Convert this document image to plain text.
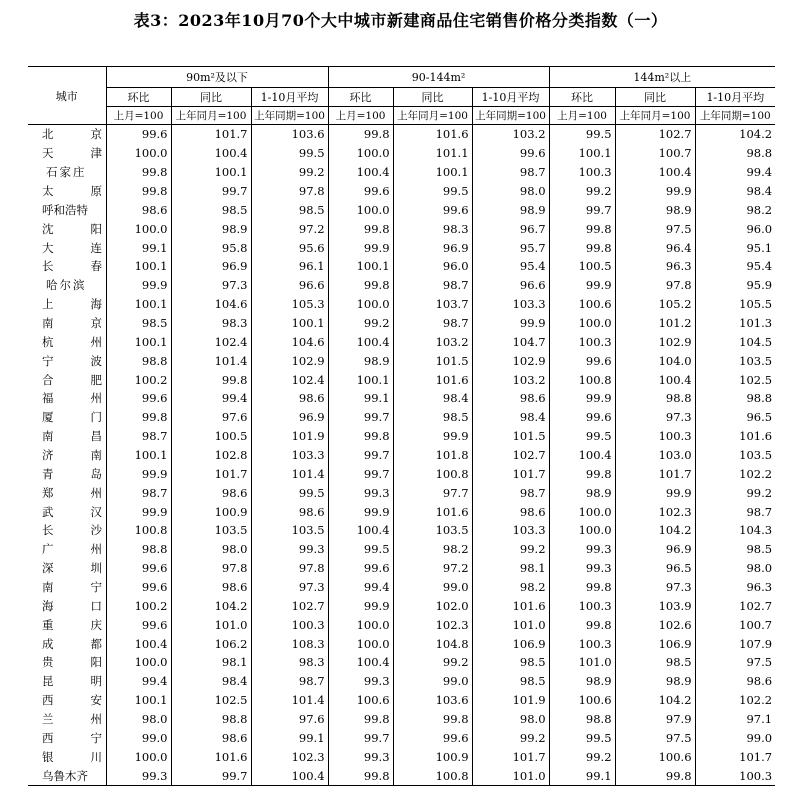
表3：2023年10月70个大中城市新建商品住宅销售价格分类指数（一）
城市	90m²及以下			90-144m²			144m²以上		
	环比	同比	1-10月平均	环比	同比	1-10月平均	环比	同比	1-10月平均
	上月=100	上年同月=100	上年同期=100	上月=100	上年同月=100	上年同期=100	上月=100	上年同月=100	上年同期=100

北 京	99.6	101.7	103.6	99.8	101.6	103.2	99.5	102.7	104.2

天 津	100.0	100.4	99.5	100.0	101.1	99.6	100.1	100.7	98.8

石家庄	99.8	100.1	99.2	100.4	100.1	98.7	100.3	100.4	99.4

太 原	99.8	99.7	97.8	99.6	99.5	98.0	99.2	99.9	98.4

呼和浩特	98.6	98.5	98.5	100.0	99.6	98.9	99.7	98.9	98.2

沈 阳	100.0	98.9	97.2	99.8	98.3	96.7	99.8	97.5	96.0

大 连	99.1	95.8	95.6	99.9	96.9	95.7	99.8	96.4	95.1

长 春	100.1	96.9	96.1	100.1	96.0	95.4	100.5	96.3	95.4

哈尔滨	99.9	97.3	96.6	99.8	98.7	96.6	99.9	97.8	95.9

上 海	100.1	104.6	105.3	100.0	103.7	103.3	100.6	105.2	105.5

南 京	98.5	98.3	100.1	99.2	98.7	99.9	100.0	101.2	101.3

杭 州	100.1	102.4	104.6	100.4	103.2	104.7	100.3	102.9	104.5

宁 波	98.8	101.4	102.9	98.9	101.5	102.9	99.6	104.0	103.5

合 肥	100.2	99.8	102.4	100.1	101.6	103.2	100.8	100.4	102.5

福 州	99.6	99.4	98.6	99.1	98.4	98.6	99.9	98.8	98.8

厦 门	99.8	97.6	96.9	99.7	98.5	98.4	99.6	97.3	96.5

南 昌	98.7	100.5	101.9	99.8	99.9	101.5	99.5	100.3	101.6

济 南	100.1	102.8	103.3	99.7	101.8	102.7	100.4	103.0	103.5

青 岛	99.9	101.7	101.4	99.7	100.8	101.7	99.8	101.7	102.2

郑 州	98.7	98.6	99.5	99.3	97.7	98.7	98.9	99.9	99.2

武 汉	99.9	100.9	98.6	99.9	101.6	98.6	100.0	102.3	98.7

长 沙	100.8	103.5	103.5	100.4	103.5	103.3	100.0	104.2	104.3

广 州	98.8	98.0	99.3	99.5	98.2	99.2	99.3	96.9	98.5

深 圳	99.6	97.8	97.8	99.6	97.2	98.1	99.3	96.5	98.0

南 宁	99.6	98.6	97.3	99.4	99.0	98.2	99.8	97.3	96.3

海 口	100.2	104.2	102.7	99.9	102.0	101.6	100.3	103.9	102.7

重 庆	99.6	101.0	100.3	100.0	102.3	101.0	99.8	102.6	100.7

成 都	100.4	106.2	108.3	100.0	104.8	106.9	100.3	106.9	107.9

贵 阳	100.0	98.1	98.3	100.4	99.2	98.5	101.0	98.5	97.5

昆 明	99.4	98.4	98.7	99.3	99.0	98.5	98.9	98.9	98.6

西 安	100.1	102.5	101.4	100.6	103.6	101.9	100.6	104.2	102.2

兰 州	98.0	98.8	97.6	99.8	99.8	98.0	98.8	97.9	97.1

西 宁	99.0	98.6	99.1	99.7	99.6	99.2	99.5	97.5	99.0

银 川	100.0	101.6	102.3	99.3	100.9	101.7	99.2	100.6	101.7

乌鲁木齐	99.3	99.7	100.4	99.8	100.8	101.0	99.1	99.8	100.3
